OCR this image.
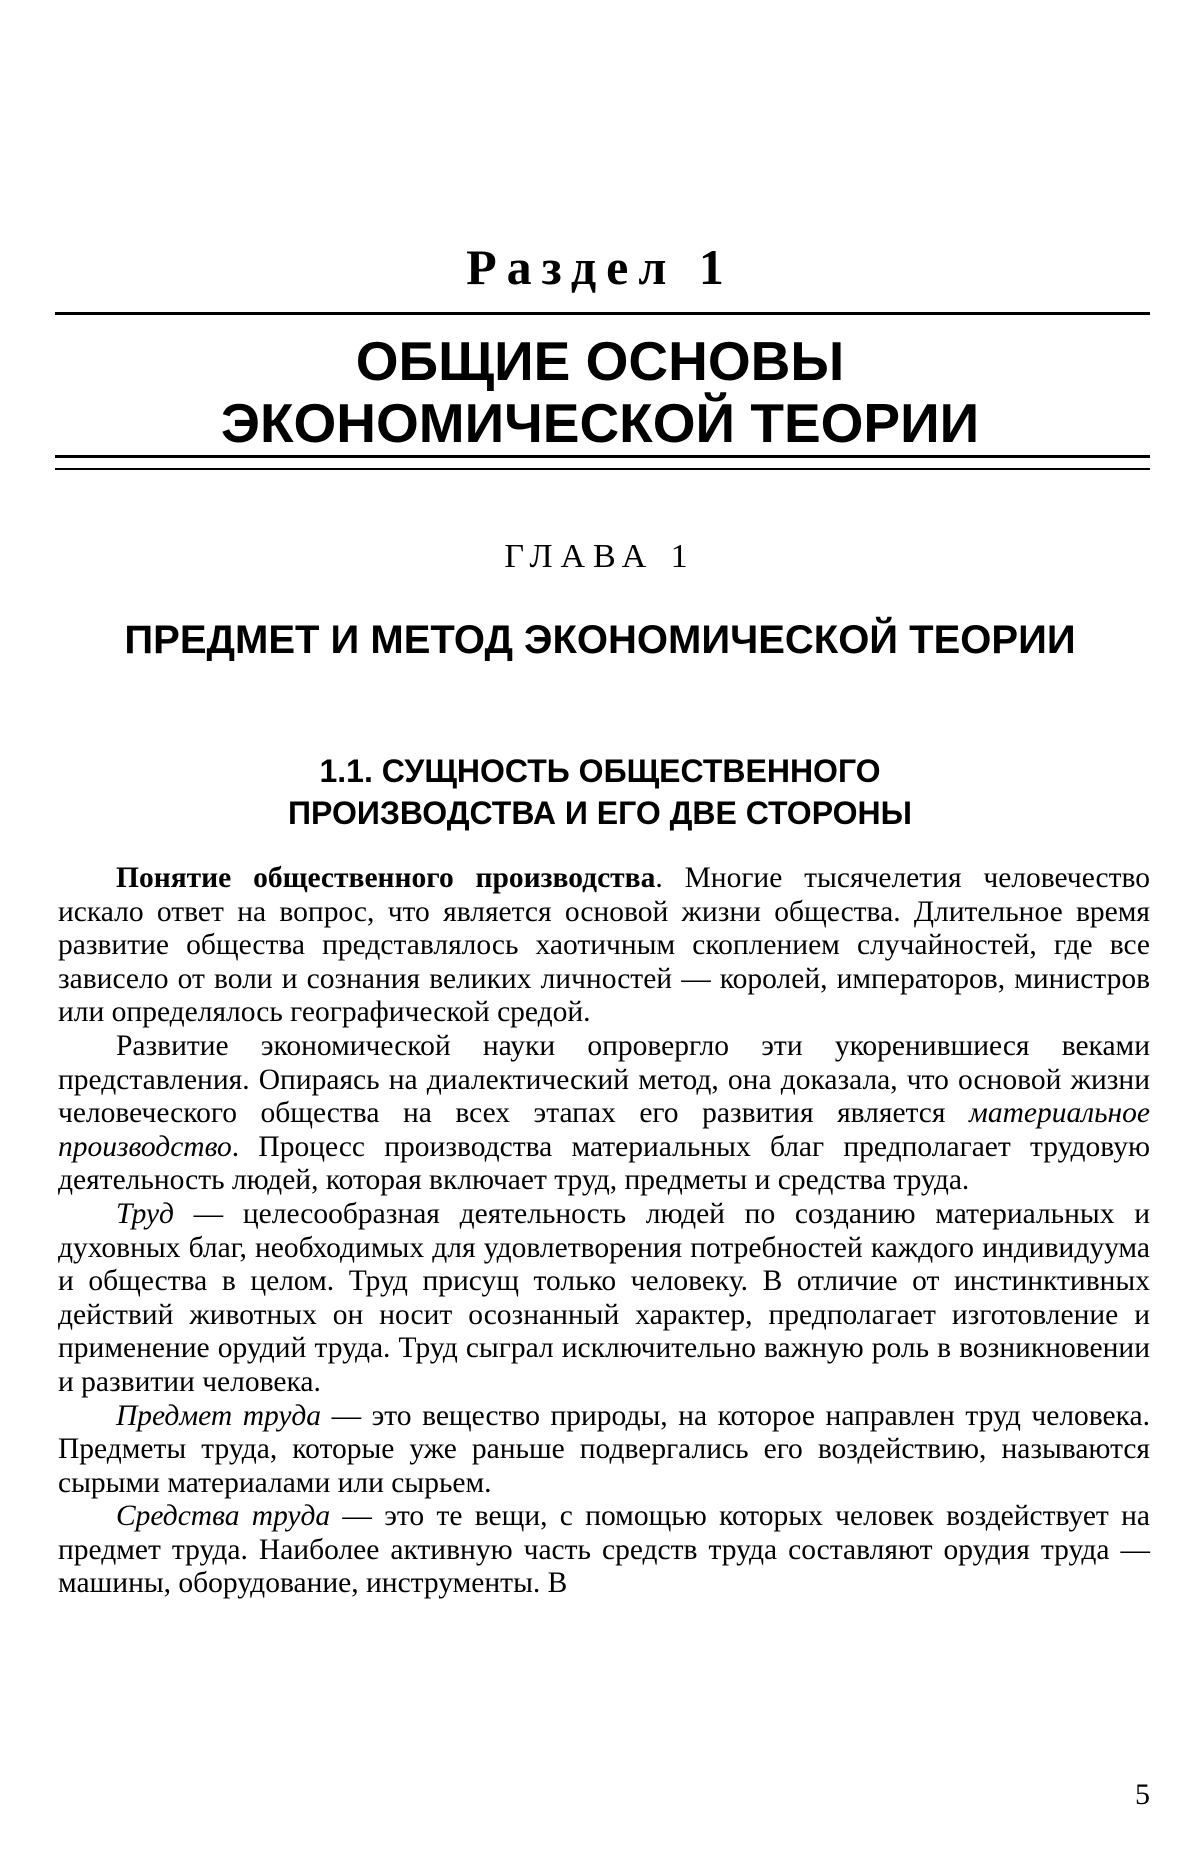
Раздел 1
ОБЩИЕ ОСНОВЫ
ЭКОНОМИЧЕСКОЙ ТЕОРИИ
ГЛАВА 1
ПРЕДМЕТ И МЕТОД ЭКОНОМИЧЕСКОЙ ТЕОРИИ
1.1. СУЩНОСТЬ ОБЩЕСТВЕННОГО
ПРОИЗВОДСТВА И ЕГО ДВЕ СТОРОНЫ

Понятие общественного производства. Многие тысячелетия человечество искало ответ на вопрос, что является основой жизни общества. Длительное время развитие общества представлялось хаотичным скоплением случайностей, где все зависело от воли и сознания великих личностей — королей, императоров, министров или определялось географической средой.

Развитие экономической науки опровергло эти укоренившиеся веками представления. Опираясь на диалектический метод, она доказала, что основой жизни человеческого общества на всех этапах его развития является материальное производство. Процесс производства материальных благ предполагает трудовую деятельность людей, которая включает труд, предметы и средства труда.

Труд — целесообразная деятельность людей по созданию материальных и духовных благ, необходимых для удовлетворения потребностей каждого индивидуума и общества в целом. Труд присущ только человеку. В отличие от инстинктивных действий животных он носит осознанный характер, предполагает изготовление и применение орудий труда. Труд сыграл исключительно важную роль в возникновении и развитии человека.

Предмет труда — это вещество природы, на которое направлен труд человека. Предметы труда, которые уже раньше подвергались его воздействию, называются сырыми материалами или сырьем.

Средства труда — это те вещи, с помощью которых человек воздействует на предмет труда. Наиболее активную часть средств труда составляют орудия труда — машины, оборудование, инструменты. В

5
